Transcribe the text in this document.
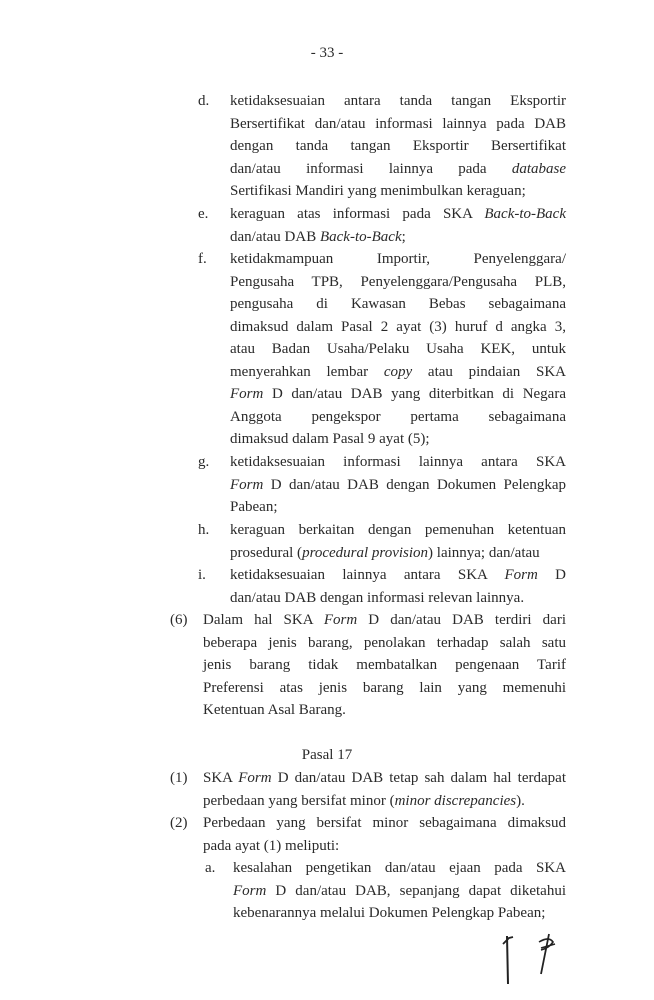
- 33 -
d. ketidaksesuaian antara tanda tangan Eksportir
Bersertifikat dan/atau informasi lainnya pada DAB
dengan tanda tangan Eksportir Bersertifikat
dan/atau informasi lainnya pada database
Sertifikasi Mandiri yang menimbulkan keraguan;
e. keraguan atas informasi pada SKA Back-to-Back
dan/atau DAB Back-to-Back;
f. ketidakmampuan Importir, Penyelenggara/
Pengusaha TPB, Penyelenggara/Pengusaha PLB,
pengusaha di Kawasan Bebas sebagaimana
dimaksud dalam Pasal 2 ayat (3) huruf d angka 3,
atau Badan Usaha/Pelaku Usaha KEK, untuk
menyerahkan lembar copy atau pindaian SKA
Form D dan/atau DAB yang diterbitkan di Negara
Anggota pengekspor pertama sebagaimana
dimaksud dalam Pasal 9 ayat (5);
g. ketidaksesuaian informasi lainnya antara SKA
Form D dan/atau DAB dengan Dokumen Pelengkap
Pabean;
h. keraguan berkaitan dengan pemenuhan ketentuan
prosedural (procedural provision) lainnya; dan/atau
i. ketidaksesuaian lainnya antara SKA Form D
dan/atau DAB dengan informasi relevan lainnya.
(6) Dalam hal SKA Form D dan/atau DAB terdiri dari
beberapa jenis barang, penolakan terhadap salah satu
jenis barang tidak membatalkan pengenaan Tarif
Preferensi atas jenis barang lain yang memenuhi
Ketentuan Asal Barang.
(1) SKA Form D dan/atau DAB tetap sah dalam hal terdapat
perbedaan yang bersifat minor (minor discrepancies).
(2) Perbedaan yang bersifat minor sebagaimana dimaksud
pada ayat (1) meliputi:
a. kesalahan pengetikan dan/atau ejaan pada SKA
Form D dan/atau DAB, sepanjang dapat diketahui
kebenarannya melalui Dokumen Pelengkap Pabean;
Pasal 17
